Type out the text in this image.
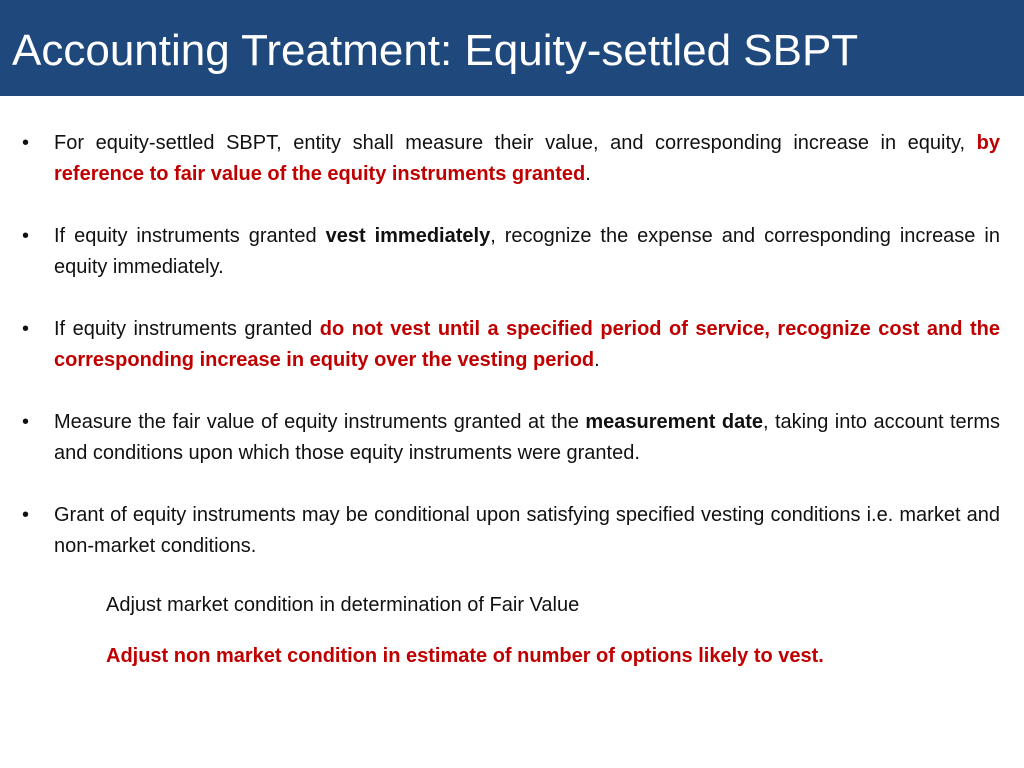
Accounting Treatment: Equity-settled SBPT
• For equity-settled SBPT, entity shall measure their value, and corresponding increase in equity, by reference to fair value of the equity instruments granted.
• If equity instruments granted vest immediately, recognize the expense and corresponding increase in equity immediately.
• If equity instruments granted do not vest until a specified period of service, recognize cost and the corresponding increase in equity over the vesting period.
• Measure the fair value of equity instruments granted at the measurement date, taking into account terms and conditions upon which those equity instruments were granted.
• Grant of equity instruments may be conditional upon satisfying specified vesting conditions i.e. market and non-market conditions.
Adjust market condition in determination of Fair Value
Adjust non market condition in estimate of number of options likely to vest.
